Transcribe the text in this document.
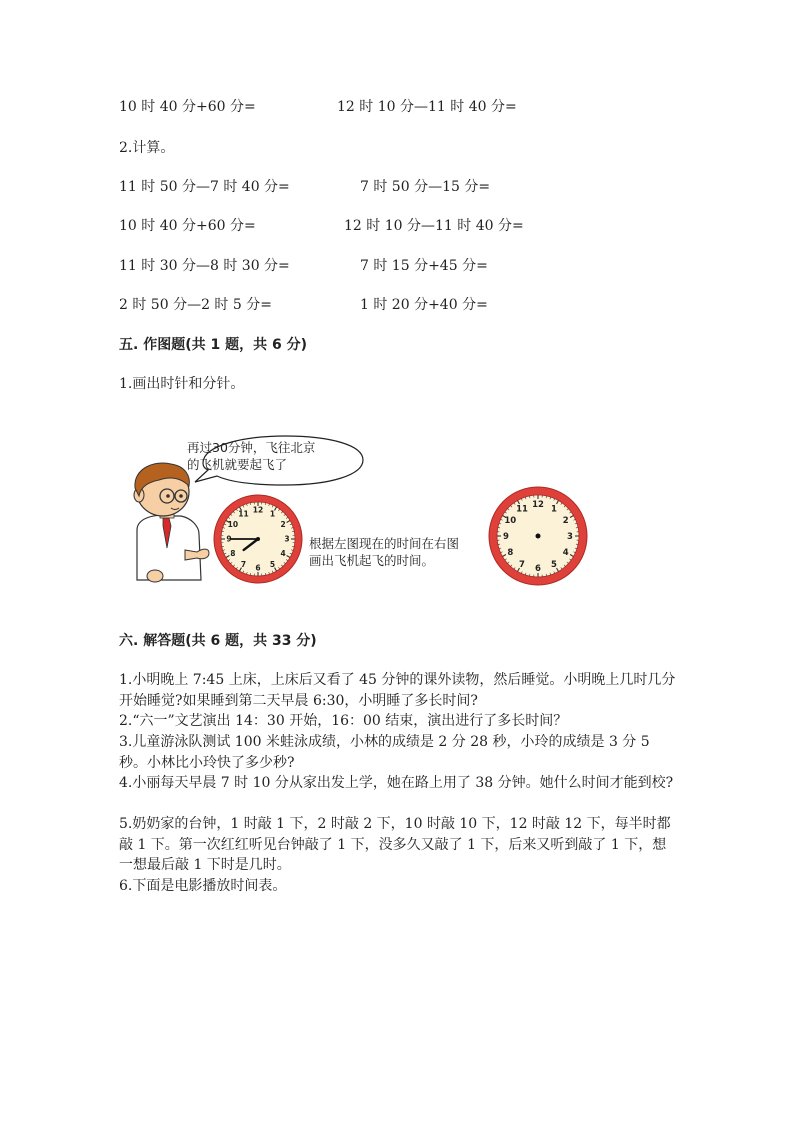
10 时 40 分+60 分=	12 时 10 分—11 时 40 分=
2.计算。
11 时 50 分—7 时 40 分=	7 时 50 分—15 分=
10 时 40 分+60 分=	12 时 10 分—11 时 40 分=
11 时 30 分—8 时 30 分=	7 时 15 分+45 分=
2 时 50 分—2 时 5 分=	1 时 20 分+40 分=
五. 作图题(共 1 题，共 6 分)
1.画出时针和分针。
12 1
2
3
4
5
6
7
8
9
10
11
12 1
2
3
4
5
6
7
8
9
10
11
再过30分钟，飞往北京
的飞机就要起飞了
根据左图现在的时间在右图
画出飞机起飞的时间。
六. 解答题(共 6 题，共 33 分)
1.小明晚上 7:45 上床，上床后又看了 45 分钟的课外读物，然后睡觉。小明晚上几时几分开始睡觉?如果睡到第二天早晨 6:30，小明睡了多长时间?
2.“六一”文艺演出 14：30 开始，16：00 结束，演出进行了多长时间？
3.儿童游泳队测试 100 米蛙泳成绩，小林的成绩是 2 分 28 秒，小玲的成绩是 3 分 5 秒。小林比小玲快了多少秒?
4.小丽每天早晨 7 时 10 分从家出发上学，她在路上用了 38 分钟。她什么时间才能到校?
5.奶奶家的台钟，1 时敲 1 下，2 时敲 2 下，10 时敲 10 下，12 时敲 12 下，每半时都敲 1 下。第一次红红听见台钟敲了 1 下，没多久又敲了 1 下，后来又听到敲了 1 下，想一想最后敲 1 下时是几时。
6.下面是电影播放时间表。
